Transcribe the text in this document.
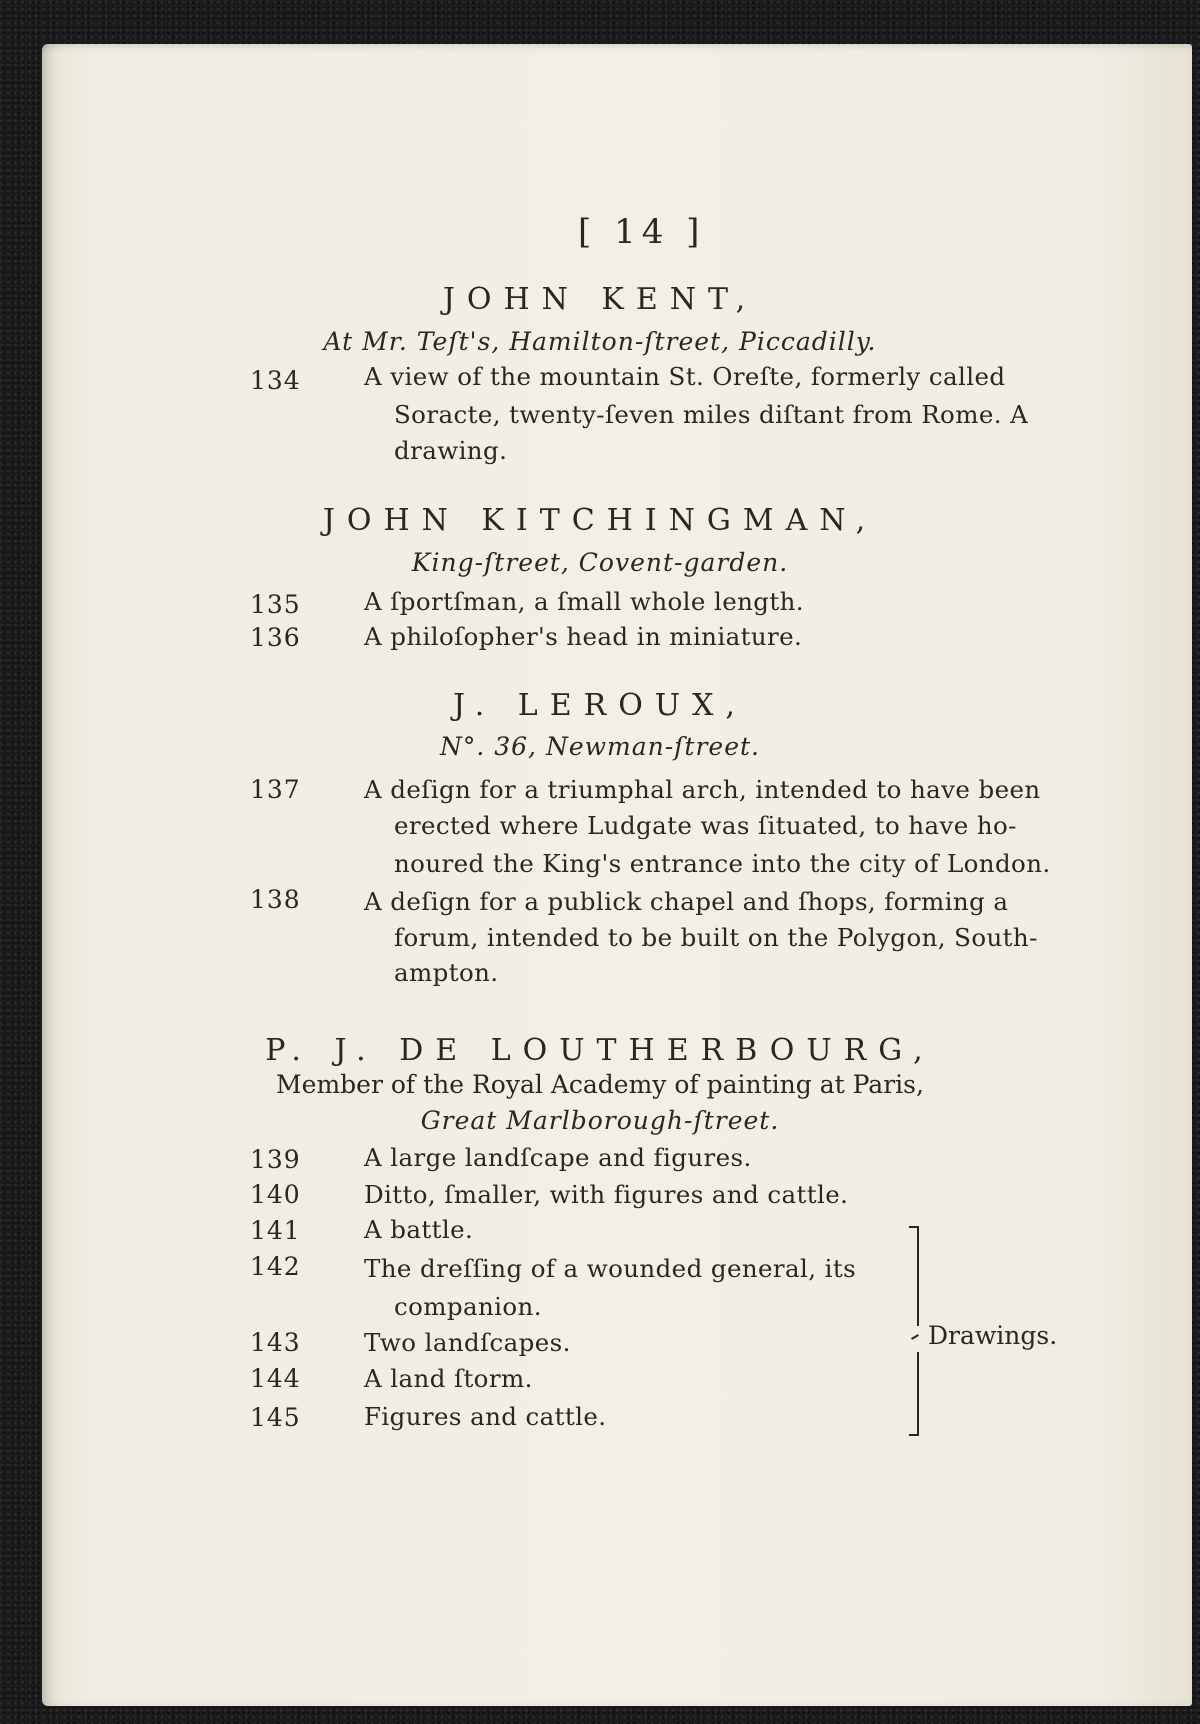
[ 14 ]
JOHN KENT,
At Mr. Teſt's, Hamilton-ſtreet, Piccadilly.
134	A view of the mountain St. Oreſte, formerly called
Soracte, twenty-ſeven miles diſtant from Rome. A
drawing.
JOHN KITCHINGMAN,
King-ſtreet, Covent-garden.
135	A ſportſman, a ſmall whole length.
136	A philoſopher's head in miniature.
J. LEROUX,
N°. 36, Newman-ſtreet.
137	A deſign for a triumphal arch, intended to have been
erected where Ludgate was ſituated, to have ho-
noured the King's entrance into the city of London.
138	A deſign for a publick chapel and ſhops, forming a
forum, intended to be built on the Polygon, South-
ampton.
P. J. DE LOUTHERBOURG,
Member of the Royal Academy of painting at Paris,
Great Marlborough-ſtreet.
139	A large landſcape and figures.
140	Ditto, ſmaller, with figures and cattle.
141	A battle.
142	The dreſſing of a wounded general, its
companion.
143	Two landſcapes.
144	A land ſtorm.
145	Figures and cattle.
Drawings.
